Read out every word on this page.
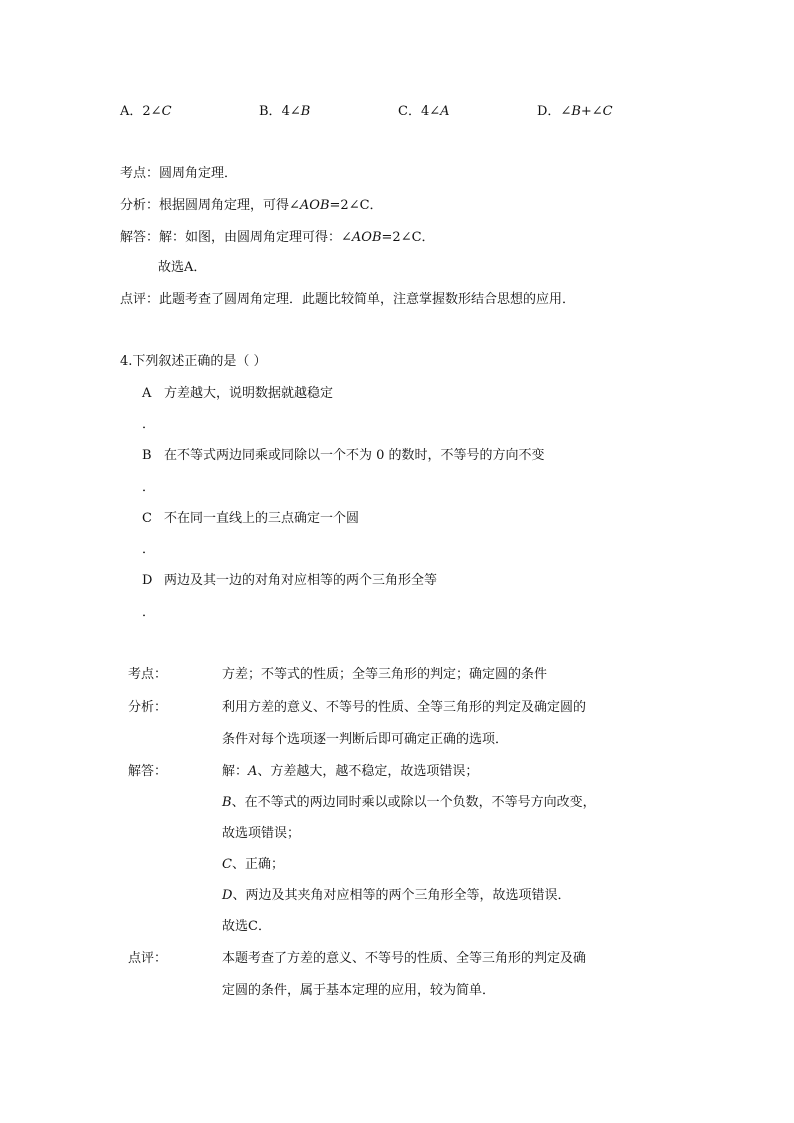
A．2∠C	B．4∠B	C．4∠A	D．∠B+∠C
考点：圆周角定理．
分析：根据圆周角定理，可得∠AOB=2∠C．
解答：解：如图，由圆周角定理可得：∠AOB=2∠C．
故选A．
点评：此题考查了圆周角定理．此题比较简单，注意掌握数形结合思想的应用．
4.下列叙述正确的是（ ）
A 方差越大，说明数据就越稳定
．
B 在不等式两边同乘或同除以一个不为 0 的数时，不等号的方向不变
．
C 不在同一直线上的三点确定一个圆
．
D 两边及其一边的对角对应相等的两个三角形全等
．
考点：	方差；不等式的性质；全等三角形的判定；确定圆的条件
分析：	利用方差的意义、不等号的性质、全等三角形的判定及确定圆的
条件对每个选项逐一判断后即可确定正确的选项．
解答：	解：A、方差越大，越不稳定，故选项错误；
B、在不等式的两边同时乘以或除以一个负数，不等号方向改变，
故选项错误；
C、正确；
D、两边及其夹角对应相等的两个三角形全等，故选项错误．
故选C．
点评：	本题考查了方差的意义、不等号的性质、全等三角形的判定及确
定圆的条件，属于基本定理的应用，较为简单．
